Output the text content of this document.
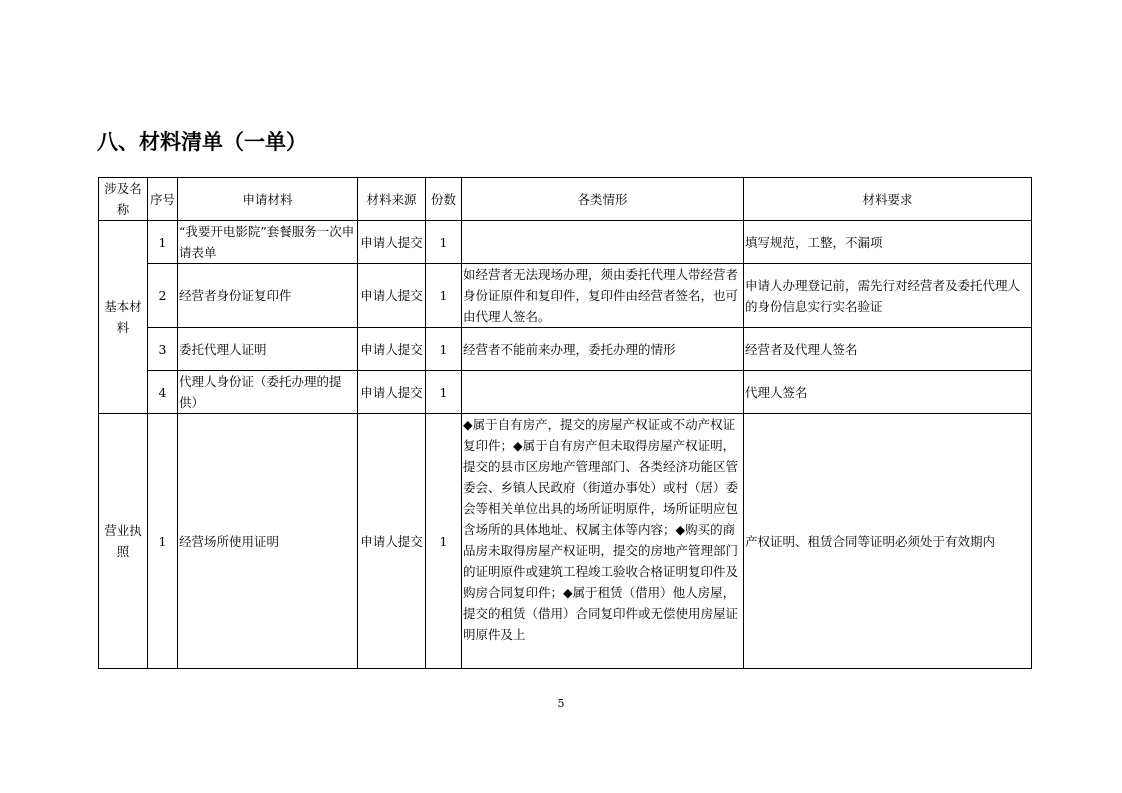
八、材料清单（一单）
涉及名称	序号	申请材料	材料来源	份数	各类情形	材料要求
基本材料	1	“我要开电影院”套餐服务一次申请表单	申请人提交	1		填写规范，工整，不漏项
	2	经营者身份证复印件	申请人提交	1	如经营者无法现场办理，须由委托代理人带经营者身份证原件和复印件，复印件由经营者签名，也可由代理人签名。	申请人办理登记前，需先行对经营者及委托代理人的身份信息实行实名验证
	3	委托代理人证明	申请人提交	1	经营者不能前来办理，委托办理的情形	经营者及代理人签名
	4	代理人身份证（委托办理的提供）	申请人提交	1		代理人签名
营业执照	1	经营场所使用证明	申请人提交	1	◆属于自有房产，提交的房屋产权证或不动产权证复印件；◆属于自有房产但未取得房屋产权证明，提交的县市区房地产管理部门、各类经济功能区管委会、乡镇人民政府（街道办事处）或村（居）委会等相关单位出具的场所证明原件，场所证明应包含场所的具体地址、权属主体等内容；◆购买的商品房未取得房屋产权证明，提交的房地产管理部门的证明原件或建筑工程竣工验收合格证明复印件及购房合同复印件；◆属于租赁（借用）他人房屋，提交的租赁（借用）合同复印件或无偿使用房屋证明原件及上	产权证明、租赁合同等证明必须处于有效期内
5
